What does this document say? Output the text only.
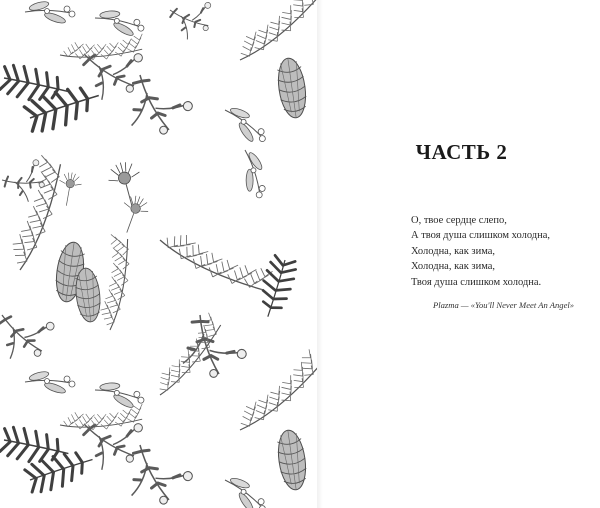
ЧАСТЬ 2
О, твое сердце слепо,
А твоя душа слишком холодна,
Холодна, как зима,
Холодна, как зима,
Твоя душа слишком холодна.
Plazma — «You'll Never Meet An Angel»
